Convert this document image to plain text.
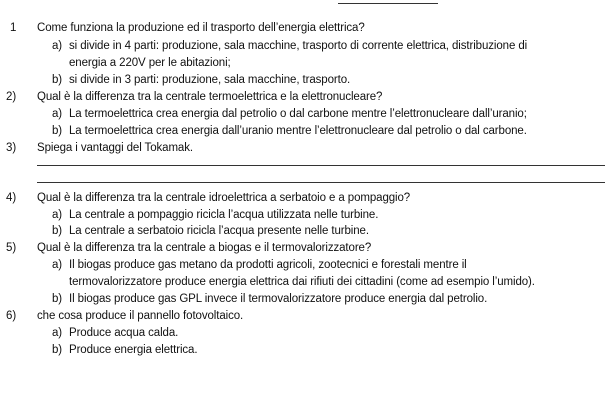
1 Come funziona la produzione ed il trasporto dell’energia elettrica?
a) si divide in 4 parti: produzione, sala macchine, trasporto di corrente elettrica, distribuzione di
energia a 220V per le abitazioni;
b) si divide in 3 parti: produzione, sala macchine, trasporto.
2) Qual è la differenza tra la centrale termoelettrica e la elettronucleare?
a) La termoelettrica crea energia dal petrolio o dal carbone mentre l’elettronucleare dall’uranio;
b) La termoelettrica crea energia dall’uranio mentre l’elettronucleare dal petrolio o dal carbone.
3) Spiega i vantaggi del Tokamak.
4) Qual è la differenza tra la centrale idroelettrica a serbatoio e a pompaggio?
a) La centrale a pompaggio ricicla l’acqua utilizzata nelle turbine.
b) La centrale a serbatoio ricicla l’acqua presente nelle turbine.
5) Qual è la differenza tra la centrale a biogas e il termovalorizzatore?
a) Il biogas produce gas metano da prodotti agricoli, zootecnici e forestali mentre il
termovalorizzatore produce energia elettrica dai rifiuti dei cittadini (come ad esempio l’umido).
b) Il biogas produce gas GPL invece il termovalorizzatore produce energia dal petrolio.
6) che cosa produce il pannello fotovoltaico.
a) Produce acqua calda.
b) Produce energia elettrica.
